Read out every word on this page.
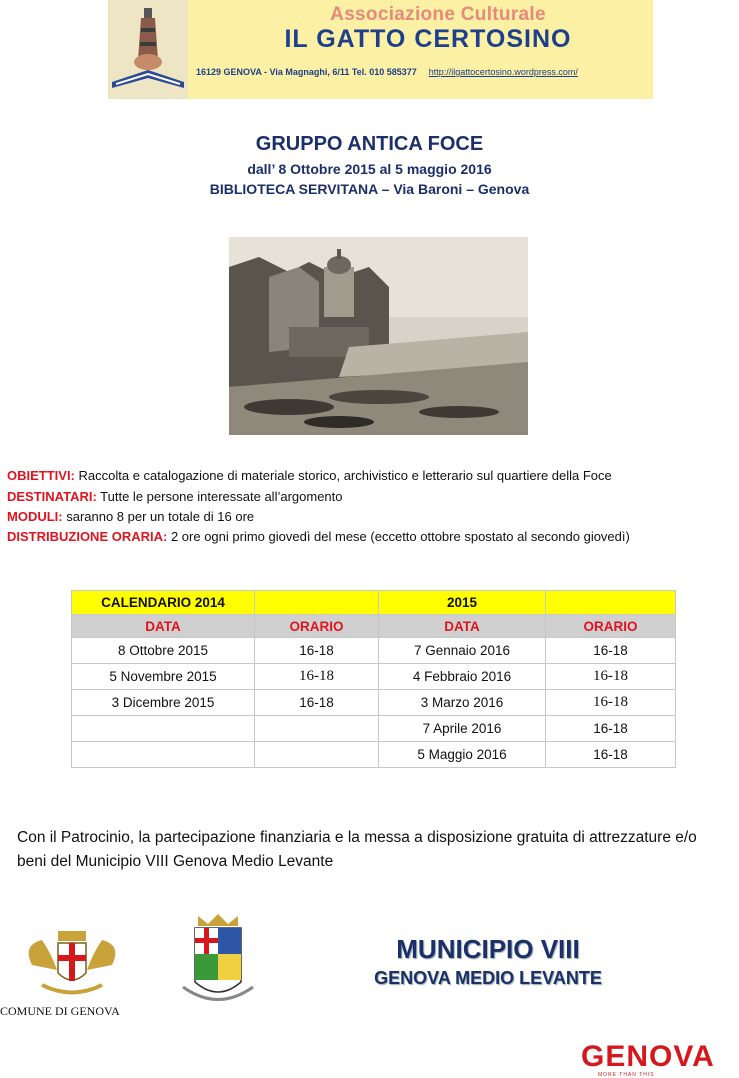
Associazione Culturale
IL GATTO CERTOSINO
16129 GENOVA - Via Magnaghi, 6/11 Tel. 010 585377 http://ilgattocertosino.wordpress.com/
GRUPPO ANTICA FOCE
dall’ 8 Ottobre 2015 al 5 maggio 2016
BIBLIOTECA SERVITANA – Via Baroni – Genova
OBIETTIVI: Raccolta e catalogazione di materiale storico, archivistico e letterario sul quartiere della Foce
DESTINATARI: Tutte le persone interessate all’argomento
MODULI: saranno 8 per un totale di 16 ore
DISTRIBUZIONE ORARIA: 2 ore ogni primo giovedì del mese (eccetto ottobre spostato al secondo giovedì)
CALENDARIO 2014		2015	
DATA	ORARIO	DATA	ORARIO
8 Ottobre 2015	16-18	7 Gennaio 2016	16-18
5 Novembre 2015	16-18	4 Febbraio 2016	16-18
3 Dicembre 2015	16-18	3 Marzo 2016	16-18
		7 Aprile 2016	16-18
		5 Maggio 2016	16-18
Con il Patrocinio, la partecipazione finanziaria e la messa a disposizione gratuita di attrezzature e/o beni del Municipio VIII Genova Medio Levante
COMUNE DI GENOVA
MUNICIPIO VIII
GENOVA MEDIO LEVANTE
GENOVA
MORE THAN THIS
